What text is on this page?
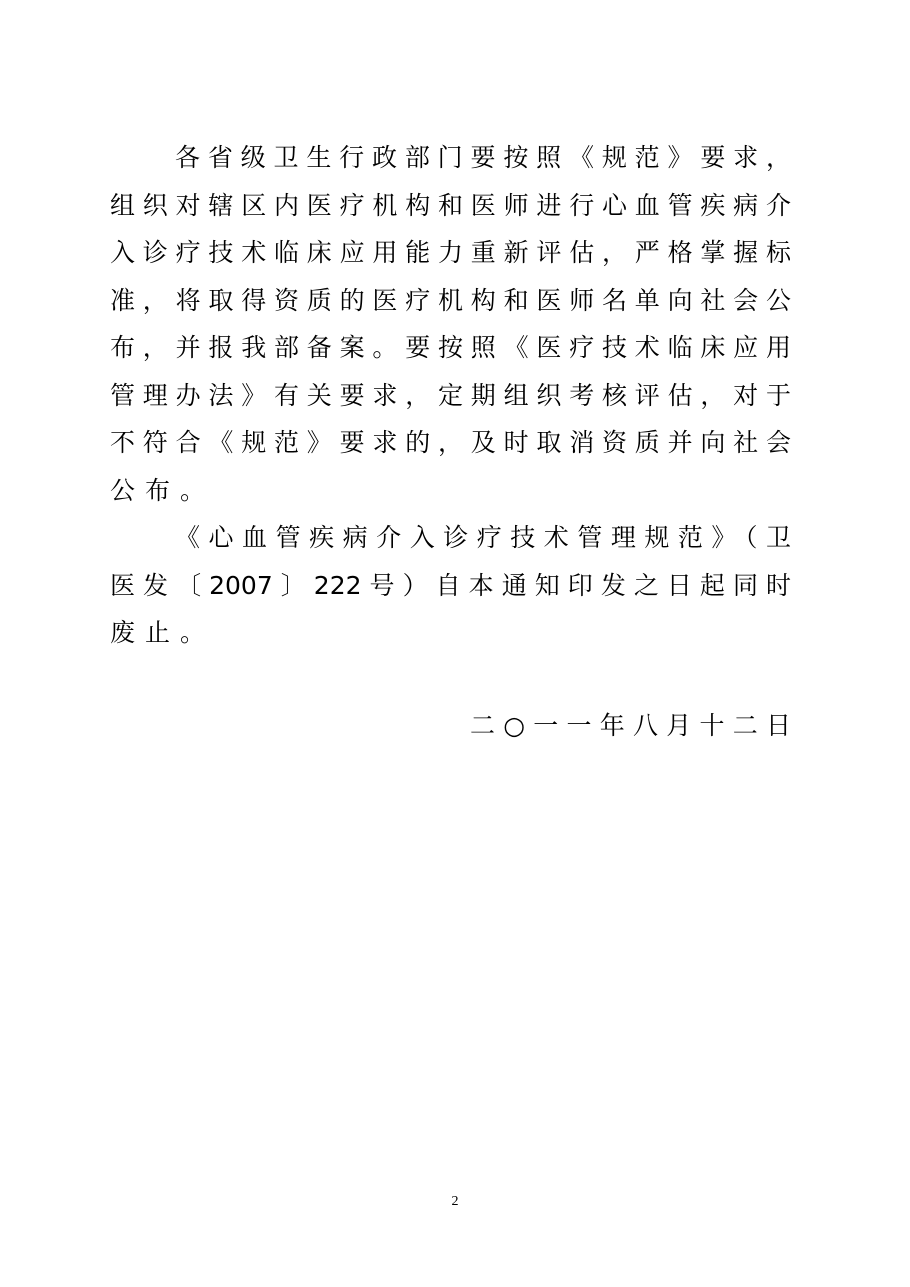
各省级卫生行政部门要按照《规范》要求，
组织对辖区内医疗机构和医师进行心血管疾病介
入诊疗技术临床应用能力重新评估，严格掌握标
准，将取得资质的医疗机构和医师名单向社会公
布，并报我部备案。要按照《医疗技术临床应用
管理办法》有关要求，定期组织考核评估，对于
不符合《规范》要求的，及时取消资质并向社会
公布。
《心血管疾病介入诊疗技术管理规范》（卫
医发〔2007〕222号）自本通知印发之日起同时
废止。
二○一一年八月十二日
2
